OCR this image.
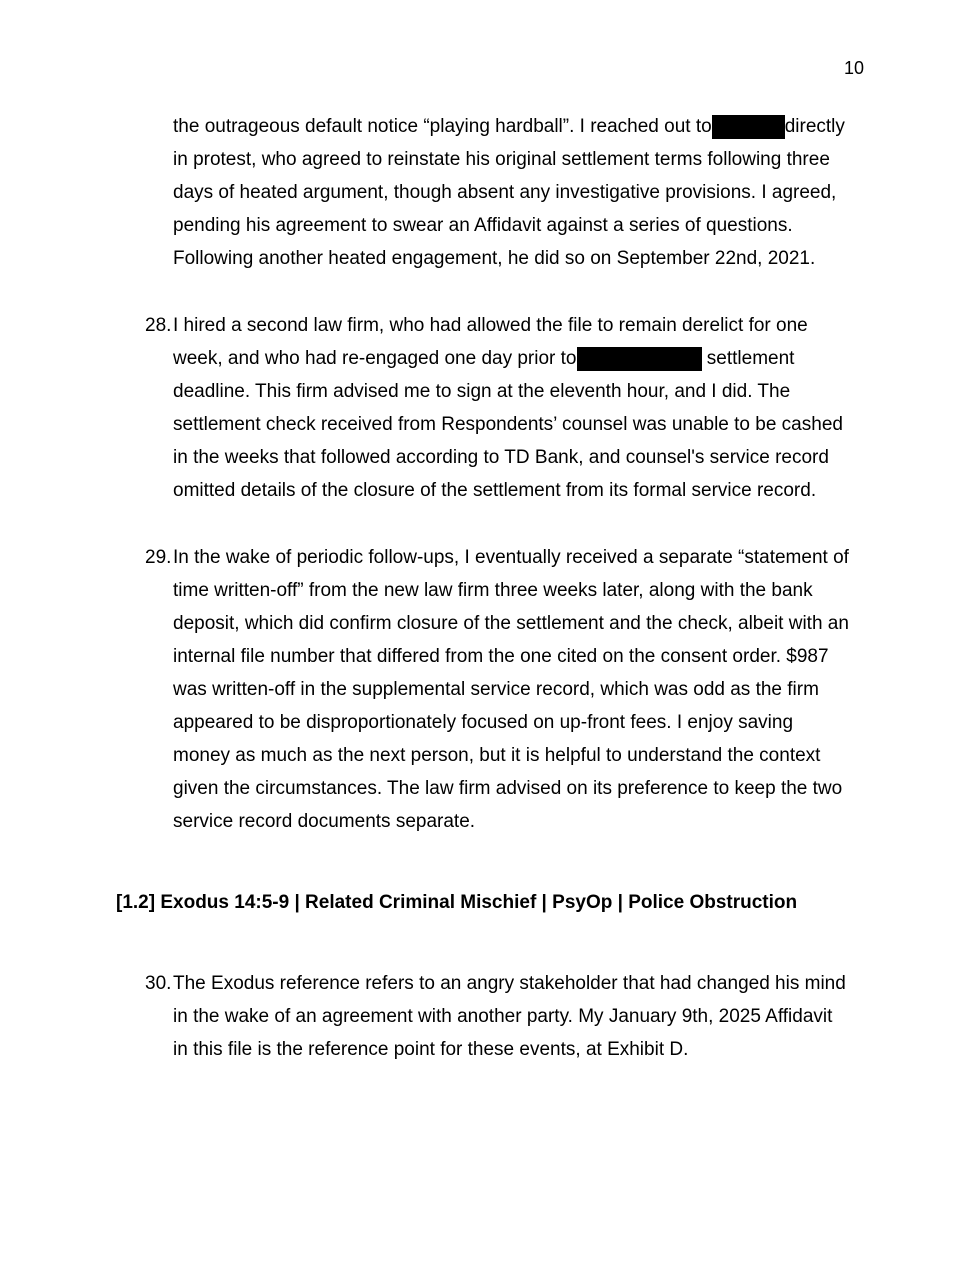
10
the outrageous default notice “playing hardball”. I reached out to	directly
in protest, who agreed to reinstate his original settlement terms following three
days of heated argument, though absent any investigative provisions. I agreed,
pending his agreement to swear an Affidavit against a series of questions.
Following another heated engagement, he did so on September 22nd, 2021.
28. I hired a second law firm, who had allowed the file to remain derelict for one
week, and who had re-engaged one day prior to	settlement
deadline. This firm advised me to sign at the eleventh hour, and I did. The
settlement check received from Respondents’ counsel was unable to be cashed
in the weeks that followed according to TD Bank, and counsel's service record
omitted details of the closure of the settlement from its formal service record.
29. In the wake of periodic follow-ups, I eventually received a separate “statement of
time written-off” from the new law firm three weeks later, along with the bank
deposit, which did confirm closure of the settlement and the check, albeit with an
internal file number that differed from the one cited on the consent order. $987
was written-off in the supplemental service record, which was odd as the firm
appeared to be disproportionately focused on up-front fees. I enjoy saving
money as much as the next person, but it is helpful to understand the context
given the circumstances. The law firm advised on its preference to keep the two
service record documents separate.
[1.2] Exodus 14:5-9 | Related Criminal Mischief | PsyOp | Police Obstruction
30. The Exodus reference refers to an angry stakeholder that had changed his mind
in the wake of an agreement with another party. My January 9th, 2025 Affidavit
in this file is the reference point for these events, at Exhibit D.
